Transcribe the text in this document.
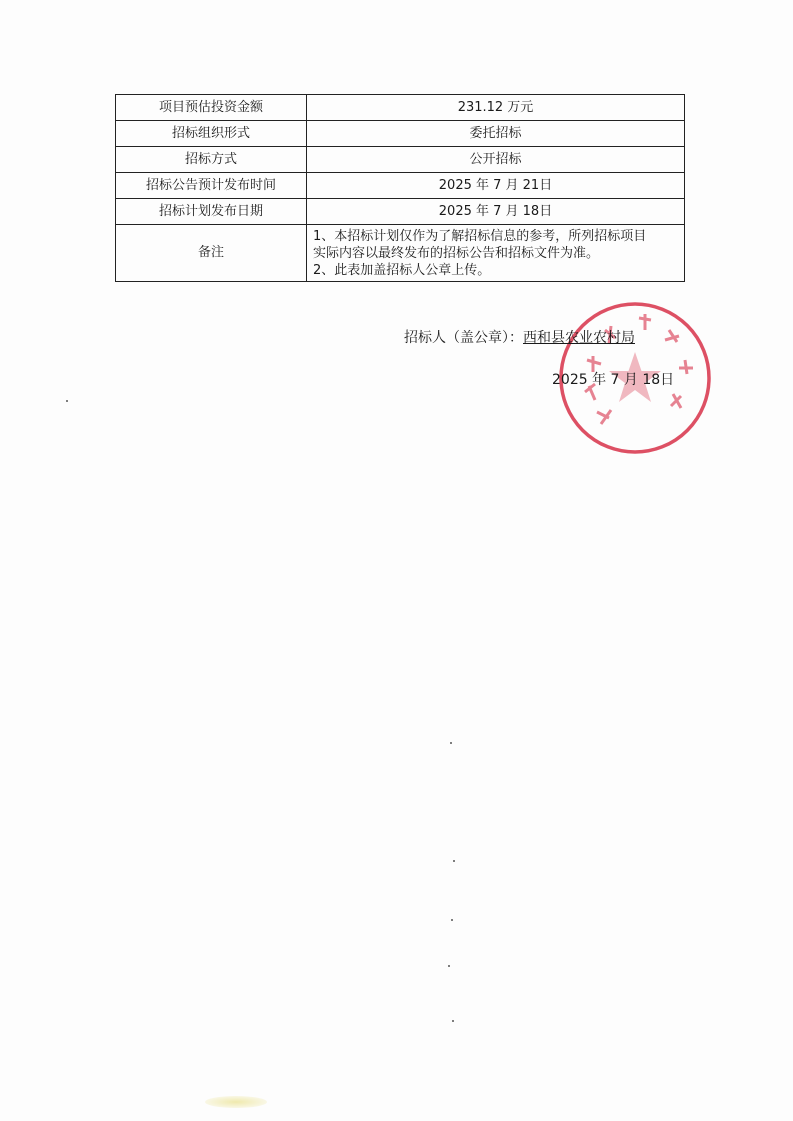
项目预估投资金额	231.12 万元
招标组织形式	委托招标
招标方式	公开招标
招标公告预计发布时间	2025 年 7 月 21日
招标计划发布日期	2025 年 7 月 18日
备注	1、本招标计划仅作为了解招标信息的参考，所列招标项目
实际内容以最终发布的招标公告和招标文件为准。
2、此表加盖招标人公章上传。
招标人（盖公章）：西和县农业农村局
2025 年 7 月 18日
